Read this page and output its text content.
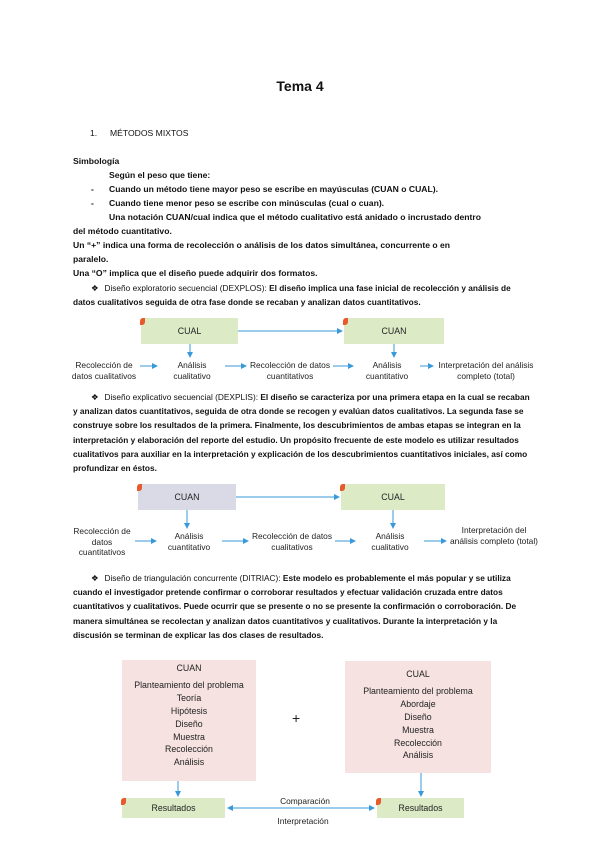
Tema 4
1. MÉTODOS MIXTOS
Simbología
Según el peso que tiene:
- Cuando un método tiene mayor peso se escribe en mayúsculas (CUAN o CUAL).
- Cuando tiene menor peso se escribe con minúsculas (cual o cuan).
Una notación CUAN/cual indica que el método cualitativo está anidado o incrustado dentro
del método cuantitativo.
Un “+” indica una forma de recolección o análisis de los datos simultánea, concurrente o en
paralelo.
Una “O” implica que el diseño puede adquirir dos formatos.
❖ Diseño exploratorio secuencial (DEXPLOS): El diseño implica una fase inicial de recolección y análisis de datos cualitativos seguida de otra fase donde se recaban y analizan datos cuantitativos.
CUAL	CUAN
Recolección de datos cualitativos
Análisis cualitativo
Recolección de datos cuantitativos
Análisis cuantitativo
Interpretación del análisis completo (total)
❖ Diseño explicativo secuencial (DEXPLIS): El diseño se caracteriza por una primera etapa en la cual se recaban y analizan datos cuantitativos, seguida de otra donde se recogen y evalúan datos cualitativos. La segunda fase se construye sobre los resultados de la primera. Finalmente, los descubrimientos de ambas etapas se integran en la interpretación y elaboración del reporte del estudio. Un propósito frecuente de este modelo es utilizar resultados cualitativos para auxiliar en la interpretación y explicación de los descubrimientos cuantitativos iniciales, así como profundizar en éstos.
CUAN	CUAL
Recolección de datos cuantitativos
Análisis cuantitativo
Recolección de datos cualitativos
Análisis cualitativo
Interpretación del análisis completo (total)
❖ Diseño de triangulación concurrente (DITRIAC): Este modelo es probablemente el más popular y se utiliza cuando el investigador pretende confirmar o corroborar resultados y efectuar validación cruzada entre datos cuantitativos y cualitativos. Puede ocurrir que se presente o no se presente la confirmación o corroboración. De manera simultánea se recolectan y analizan datos cuantitativos y cualitativos. Durante la interpretación y la discusión se terminan de explicar las dos clases de resultados.
CUAN
Planteamiento del problema
Teoría
Hipótesis
Diseño
Muestra
Recolección
Análisis
+
CUAL
Planteamiento del problema
Abordaje
Diseño
Muestra
Recolección
Análisis
Resultados	Resultados
Comparación
Interpretación
